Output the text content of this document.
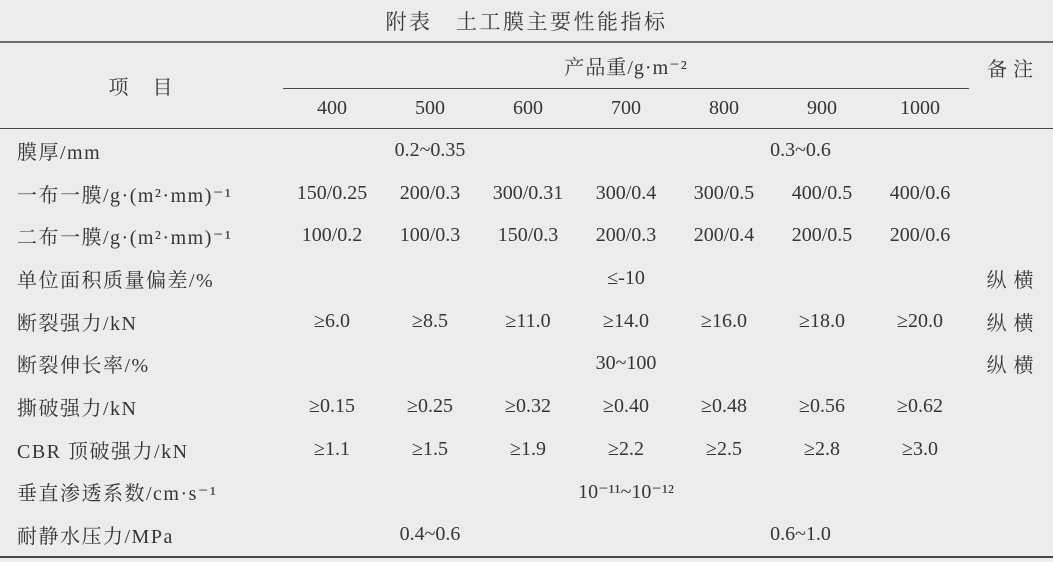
附表　土工膜主要性能指标
项　目	产品重/g·m⁻²							备注
	400	500	600	700	800	900	1000	
膜厚/mm	0.2~0.35			0.3~0.6				
一布一膜/g·(m²·mm)⁻¹	150/0.25	200/0.3	300/0.31	300/0.4	300/0.5	400/0.5	400/0.6	
二布一膜/g·(m²·mm)⁻¹	100/0.2	100/0.3	150/0.3	200/0.3	200/0.4	200/0.5	200/0.6	
单位面积质量偏差/%	≤-10							纵横
断裂强力/kN	≥6.0	≥8.5	≥11.0	≥14.0	≥16.0	≥18.0	≥20.0	纵横
断裂伸长率/%	30~100							纵横
撕破强力/kN	≥0.15	≥0.25	≥0.32	≥0.40	≥0.48	≥0.56	≥0.62	
CBR 顶破强力/kN	≥1.1	≥1.5	≥1.9	≥2.2	≥2.5	≥2.8	≥3.0	
垂直渗透系数/cm·s⁻¹	10⁻¹¹~10⁻¹²							
耐静水压力/MPa	0.4~0.6			0.6~1.0				
